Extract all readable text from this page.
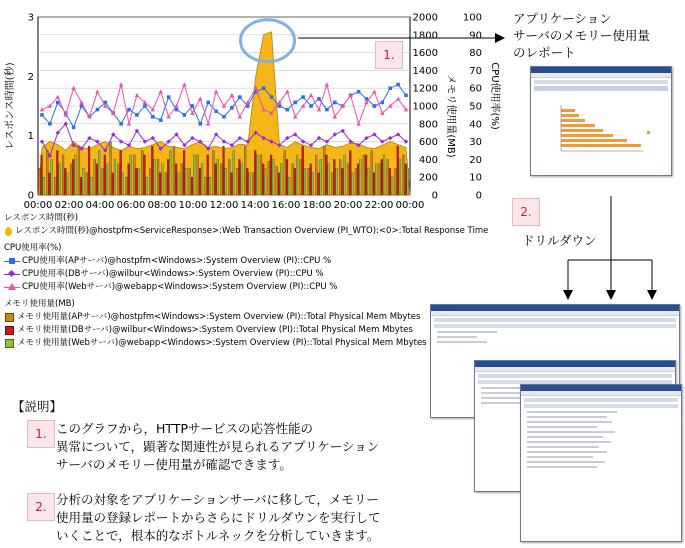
0
1
2
3
0
200
400
600
800
1000
1200
1400
1600
1800
2000
0
10
20
30
40
50
60
70
80
90
100
00:00 02:00 04:00 06:00 08:00 10:00 12:00 14:00 16:00 18:00 20:00 22:00 00:00
レスポンス時間(秒)	メモリ使用量(MB)	CPU使用率(%)
レスポンス時間(秒)
レスポンス時間(秒)@hostpfm<ServiceResponse>:Web Transaction Overview (PI_WTO):<0>:Total Response Time
CPU使用率(%)
CPU使用率(APサーバ)@hostpfm<Windows>:System Overview (PI)::CPU %
CPU使用率(DBサーバ)@wilbur<Windows>:System Overview (PI)::CPU %
CPU使用率(Webサーバ)@webapp<Windows>:System Overview (PI)::CPU %
メモリ使用量(MB)
メモリ使用量(APサーバ)@hostpfm<Windows>:System Overview (PI)::Total Physical Mem Mbytes
メモリ使用量(DBサーバ)@wilbur<Windows>:System Overview (PI)::Total Physical Mem Mbytes
メモリ使用量(Webサーバ)@webapp<Windows>:System Overview (PI)::Total Physical Mem Mbytes
1.
アプリケーション
サーバのメモリー使用量
のレポート
2.
ドリルダウン
【説明】
1. このグラフから，HTTPサービスの応答性能の
異常について，顕著な関連性が見られるアプリケーション
サーバのメモリー使用量が確認できます。
2. 分析の対象をアプリケーションサーバに移して，メモリー
使用量の登録レポートからさらにドリルダウンを実行して
いくことで，根本的なボトルネックを分析していきます。
